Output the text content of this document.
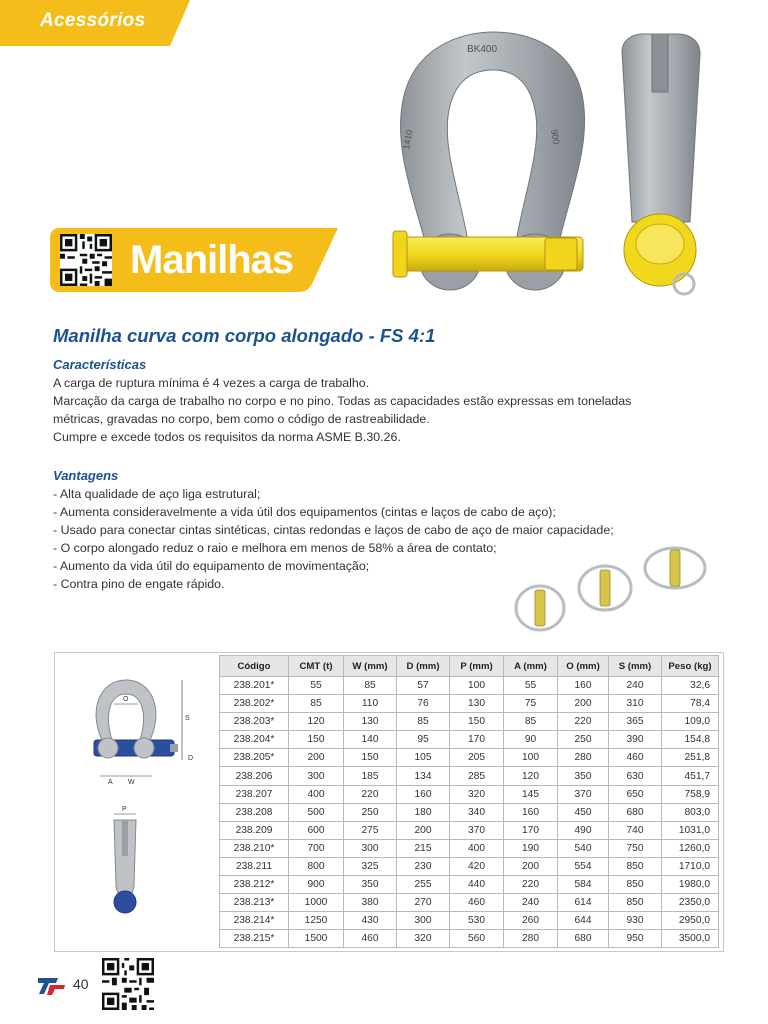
Acessórios
BK400
1410	900
Manilhas
Manilha curva com corpo alongado - FS 4:1
Características
A carga de ruptura mínima é 4 vezes a carga de trabalho.
Marcação da carga de trabalho no corpo e no pino. Todas as capacidades estão expressas em toneladas
métricas, gravadas no corpo, bem como o código de rastreabilidade.
Cumpre e excede todos os requisitos da norma ASME B.30.26.
Vantagens
- Alta qualidade de aço liga estrutural;
- Aumenta consideravelmente a vida útil dos equipamentos (cintas e laços de cabo de aço);
- Usado para conectar cintas sintéticas, cintas redondas e laços de cabo de aço de maior capacidade;
- O corpo alongado reduz o raio e melhora em menos de 58% a área de contato;
- Aumento da vida útil do equipamento de movimentação;
- Contra pino de engate rápido.
O
S
D
A W
P
Código	CMT (t)	W (mm)	D (mm)	P (mm)	A (mm)	O (mm)	S (mm)	Peso (kg)
238.201*	55	85	57	100	55	160	240	32,6
238.202*	85	110	76	130	75	200	310	78,4
238.203*	120	130	85	150	85	220	365	109,0
238.204*	150	140	95	170	90	250	390	154,8
238.205*	200	150	105	205	100	280	460	251,8
238.206	300	185	134	285	120	350	630	451,7
238.207	400	220	160	320	145	370	650	758,9
238.208	500	250	180	340	160	450	680	803,0
238.209	600	275	200	370	170	490	740	1031,0
238.210*	700	300	215	400	190	540	750	1260,0
238.211	800	325	230	420	200	554	850	1710,0
238.212*	900	350	255	440	220	584	850	1980,0
238.213*	1000	380	270	460	240	614	850	2350,0
238.214*	1250	430	300	530	260	644	930	2950,0
238.215*	1500	460	320	560	280	680	950	3500,0
40
